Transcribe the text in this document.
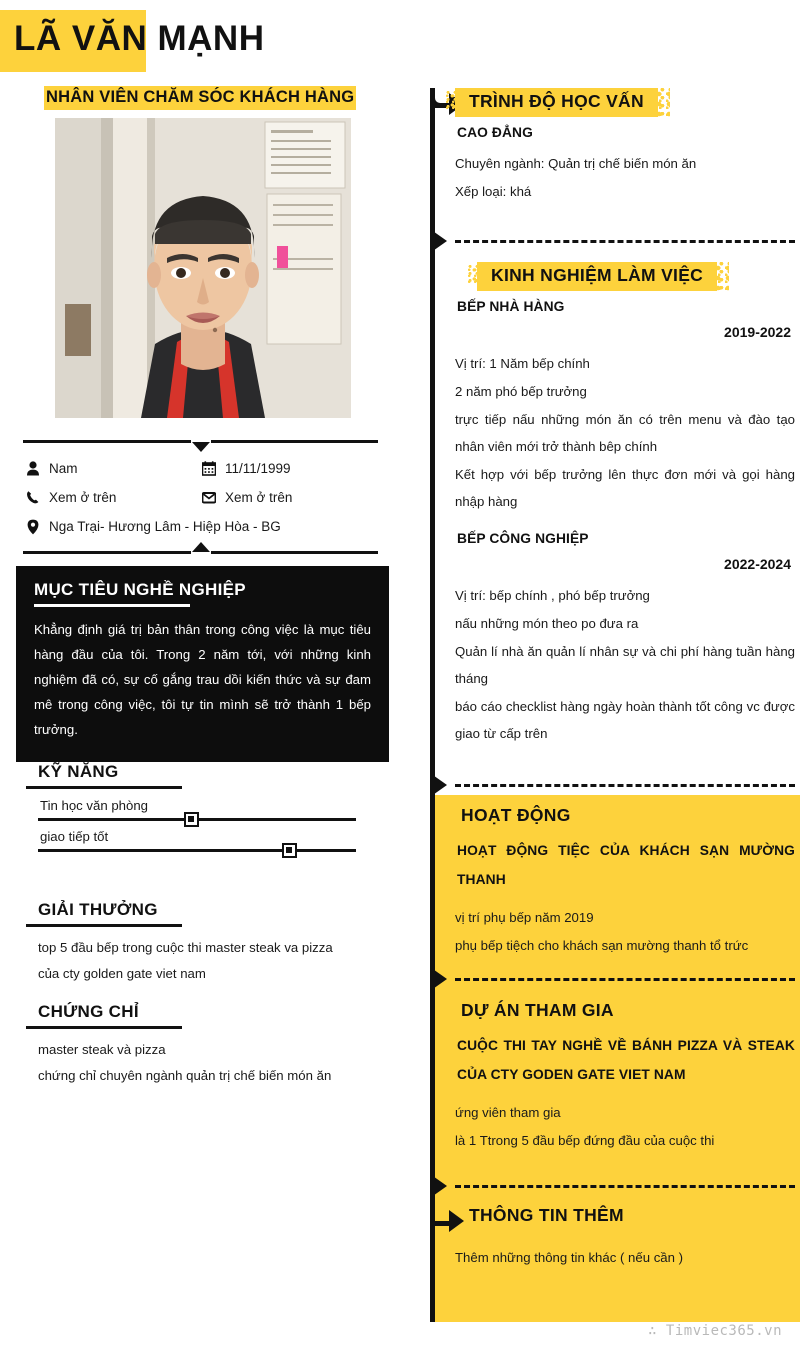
LÃ VĂN MẠNH
NHÂN VIÊN CHĂM SÓC KHÁCH HÀNG
Nam	11/11/1999
Xem ở trên	Xem ở trên
Nga Trại- Hương Lâm - Hiệp Hòa - BG
MỤC TIÊU NGHỀ NGHIỆP

Khẳng định giá trị bản thân trong công việc là mục tiêu hàng đầu của tôi. Trong 2 năm tới, với những kinh nghiệm đã có, sự cố gắng trau dồi kiến thức và sự đam mê trong công việc, tôi tự tin mình sẽ trở thành 1 bếp trưởng.

KỸ NĂNG
Tin học văn phòng
giao tiếp tốt
GIẢI THƯỞNG

top 5 đầu bếp trong cuộc thi master steak va pizza

của cty golden gate viet nam

CHỨNG CHỈ

master steak và pizza

chứng chỉ chuyên ngành quản trị chế biến món ăn

TRÌNH ĐỘ HỌC VẤN
CAO ĐẲNG

Chuyên ngành: Quản trị chế biến món ăn

Xếp loại: khá

KINH NGHIỆM LÀM VIỆC
BẾP NHÀ HÀNG
2019-2022

Vị trí: 1 Năm bếp chính

2 năm phó bếp trưởng

trực tiếp nấu những món ăn có trên menu và đào tạo nhân viên mới trở thành bêp chính

Kết hợp với bếp trưởng lên thực đơn mới và gọi hàng nhập hàng

BẾP CÔNG NGHIỆP
2022-2024

Vị trí: bếp chính , phó bếp trưởng

nấu những món theo po đưa ra

Quản lí nhà ăn quản lí nhân sự và chi phí hàng tuần hàng tháng

báo cáo checklist hàng ngày hoàn thành tốt công vc được giao từ cấp trên

HOẠT ĐỘNG
HOẠT ĐỘNG TIỆC CỦA KHÁCH SẠN MƯỜNG THANH

vị trí phụ bếp năm 2019

phụ bếp tiệch cho khách sạn mường thanh tổ trức

DỰ ÁN THAM GIA
CUỘC THI TAY NGHỀ VỀ BÁNH PIZZA VÀ STEAK CỦA CTY GODEN GATE VIET NAM

ứng viên tham gia

là 1 Ttrong 5 đầu bếp đứng đầu của cuộc thi

THÔNG TIN THÊM

Thêm những thông tin khác ( nếu cần )

∴ Timviec365.vn
